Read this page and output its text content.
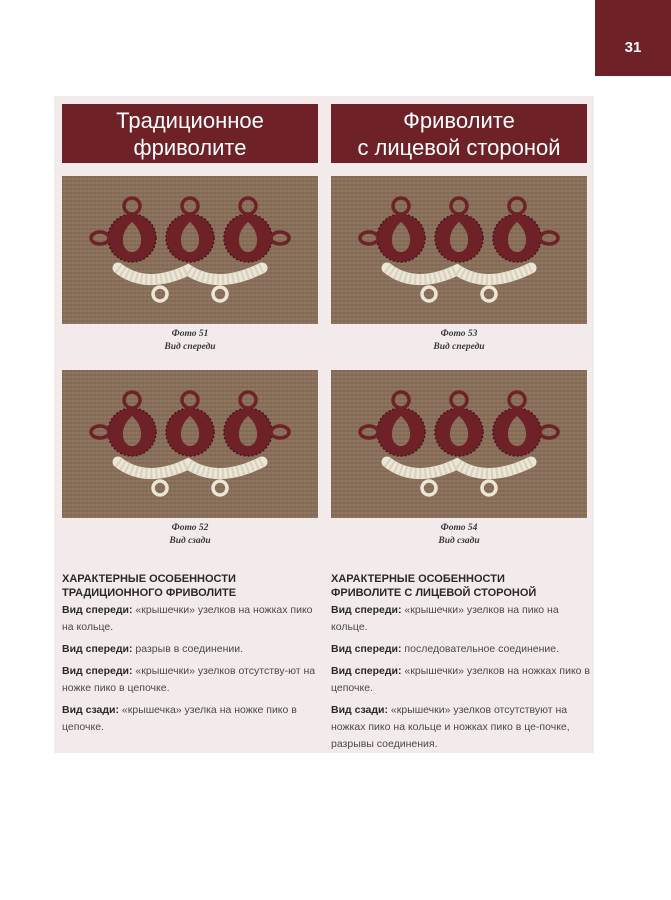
31
Традиционное
фриволите
Фриволите
с лицевой стороной
Фото 51
Вид спереди
Фото 53
Вид спереди
Фото 52
Вид сзади
Фото 54
Вид сзади
ХАРАКТЕРНЫЕ ОСОБЕННОСТИ
ТРАДИЦИОННОГО ФРИВОЛИТЕ

Вид спереди: «крышечки» узелков на ножках пико на кольце.

Вид спереди: разрыв в соединении.

Вид спереди: «крышечки» узелков отсутству-ют на ножке пико в цепочке.

Вид сзади: «крышечка» узелка на ножке пико в цепочке.

ХАРАКТЕРНЫЕ ОСОБЕННОСТИ
ФРИВОЛИТЕ С ЛИЦЕВОЙ СТОРОНОЙ

Вид спереди: «крышечки» узелков на пико на кольце.

Вид спереди: последовательное соединение.

Вид спереди: «крышечки» узелков на ножках пико в цепочке.

Вид сзади: «крышечки» узелков отсутствуют на ножках пико на кольце и ножках пико в це-почке, разрывы соединения.
